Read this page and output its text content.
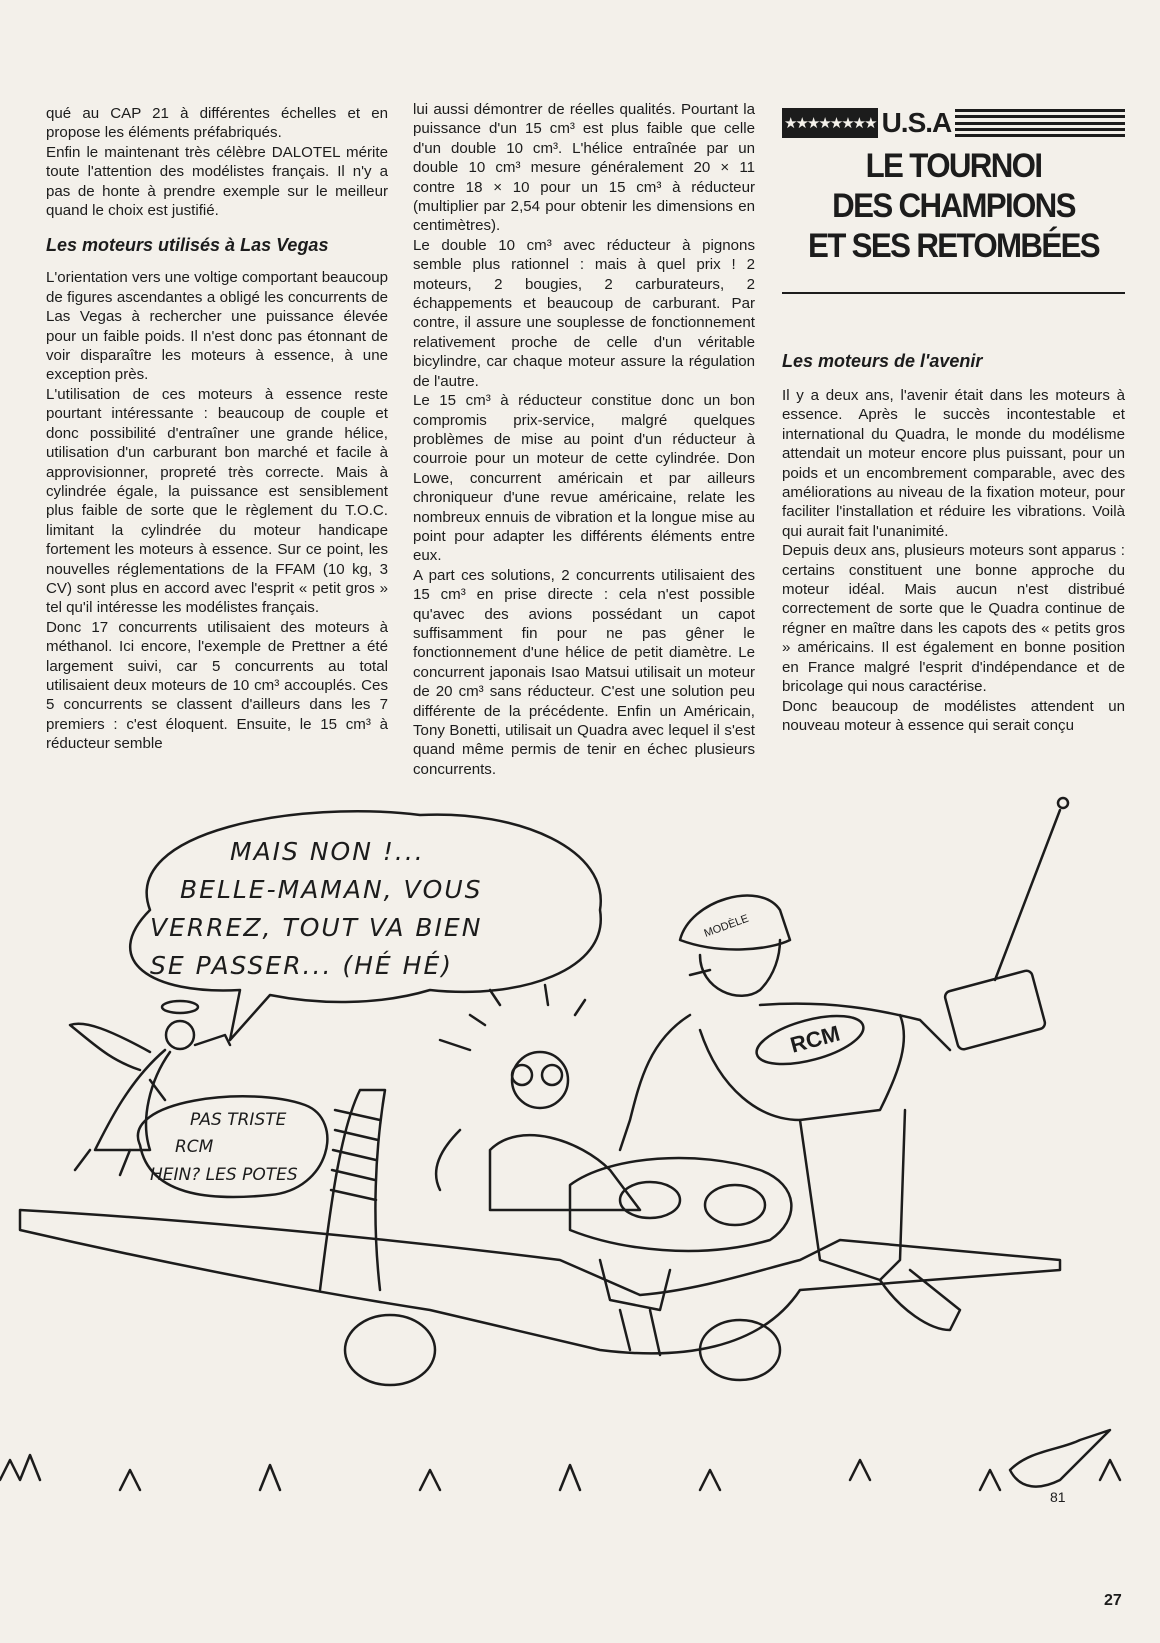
qué au CAP 21 à différentes échelles et en propose les éléments préfabriqués.

Enfin le maintenant très célèbre DALOTEL mérite toute l'attention des modélistes français. Il n'y a pas de honte à prendre exemple sur le meilleur quand le choix est justifié.

Les moteurs utilisés à Las Vegas

L'orientation vers une voltige comportant beaucoup de figures ascendantes a obligé les concurrents de Las Vegas à rechercher une puissance élevée pour un faible poids. Il n'est donc pas étonnant de voir disparaître les moteurs à essence, à une exception près.

L'utilisation de ces moteurs à essence reste pourtant intéressante : beaucoup de couple et donc possibilité d'entraîner une grande hélice, utilisation d'un carburant bon marché et facile à approvisionner, propreté très correcte. Mais à cylindrée égale, la puissance est sensiblement plus faible de sorte que le règlement du T.O.C. limitant la cylindrée du moteur handicape fortement les moteurs à essence. Sur ce point, les nouvelles réglementations de la FFAM (10 kg, 3 CV) sont plus en accord avec l'esprit « petit gros » tel qu'il intéresse les modélistes français.

Donc 17 concurrents utilisaient des moteurs à méthanol. Ici encore, l'exemple de Prettner a été largement suivi, car 5 concurrents au total utilisaient deux moteurs de 10 cm³ accouplés. Ces 5 concurrents se classent d'ailleurs dans les 7 premiers : c'est éloquent. Ensuite, le 15 cm³ à réducteur semble

lui aussi démontrer de réelles qualités. Pourtant la puissance d'un 15 cm³ est plus faible que celle d'un double 10 cm³. L'hélice entraînée par un double 10 cm³ mesure généralement 20 × 11 contre 18 × 10 pour un 15 cm³ à réducteur (multiplier par 2,54 pour obtenir les dimensions en centimètres).

Le double 10 cm³ avec réducteur à pignons semble plus rationnel : mais à quel prix ! 2 moteurs, 2 bougies, 2 carburateurs, 2 échappements et beaucoup de carburant. Par contre, il assure une souplesse de fonctionnement relativement proche de celle d'un véritable bicylindre, car chaque moteur assure la régulation de l'autre.

Le 15 cm³ à réducteur constitue donc un bon compromis prix-service, malgré quelques problèmes de mise au point d'un réducteur à courroie pour un moteur de cette cylindrée. Don Lowe, concurrent américain et par ailleurs chroniqueur d'une revue américaine, relate les nombreux ennuis de vibration et la longue mise au point pour adapter les différents éléments entre eux.

A part ces solutions, 2 concurrents utilisaient des 15 cm³ en prise directe : cela n'est possible qu'avec des avions possédant un capot suffisamment fin pour ne pas gêner le fonctionnement d'une hélice de petit diamètre. Le concurrent japonais Isao Matsui utilisait un moteur de 20 cm³ sans réducteur. C'est une solution peu différente de la précédente. Enfin un Américain, Tony Bonetti, utilisait un Quadra avec lequel il s'est quand même permis de tenir en échec plusieurs concurrents.

★★★★★★★★ U.S.A
LE TOURNOI
DES CHAMPIONS
ET SES RETOMBÉES
Les moteurs de l'avenir

Il y a deux ans, l'avenir était dans les moteurs à essence. Après le succès incontestable et international du Quadra, le monde du modélisme attendait un moteur encore plus puissant, pour un poids et un encombrement comparable, avec des améliorations au niveau de la fixation moteur, pour faciliter l'installation et réduire les vibrations. Voilà qui aurait fait l'unanimité.

Depuis deux ans, plusieurs moteurs sont apparus : certains constituent une bonne approche du moteur idéal. Mais aucun n'est distribué correctement de sorte que le Quadra continue de régner en maître dans les capots des « petits gros » américains. Il est également en bonne position en France malgré l'esprit d'indépendance et de bricolage qui nous caractérise.

Donc beaucoup de modélistes attendent un nouveau moteur à essence qui serait conçu

MAIS NON !...
BELLE-MAMAN, VOUS
VERREZ, TOUT VA BIEN
SE PASSER... (HÉ HÉ)
PAS TRISTE
RCM
HEIN? LES POTES
RCM
MODÈLE
81
27
